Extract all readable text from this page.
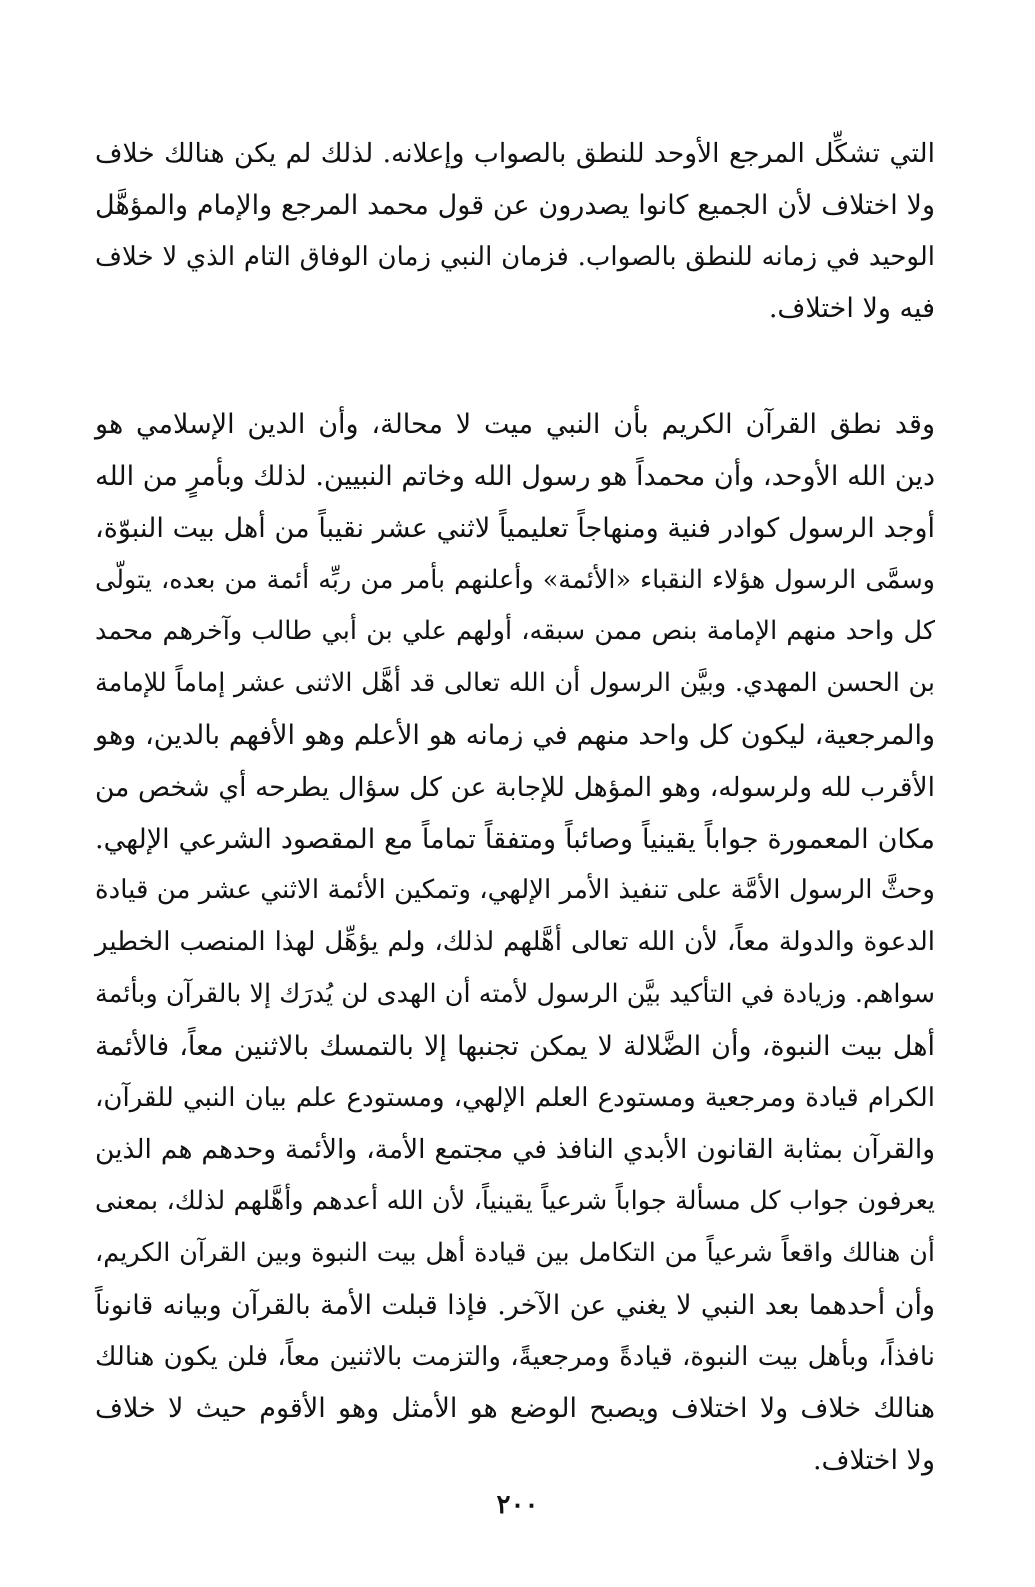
التي تشكِّل المرجع الأوحد للنطق بالصواب وإعلانه. لذلك لم يكن هنالك خلاف
ولا اختلاف لأن الجميع كانوا يصدرون عن قول محمد المرجع والإمام والمؤهَّل
الوحيد في زمانه للنطق بالصواب. فزمان النبي زمان الوفاق التام الذي لا خلاف
فيه ولا اختلاف.

وقد نطق القرآن الكريم بأن النبي ميت لا محالة، وأن الدين الإسلامي هو
دين الله الأوحد، وأن محمداً هو رسول الله وخاتم النبيين. لذلك وبأمرٍ من الله
أوجد الرسول كوادر فنية ومنهاجاً تعليمياً لاثني عشر نقيباً من أهل بيت النبوّة،
وسمَّى الرسول هؤلاء النقباء «الأئمة» وأعلنهم بأمر من ربِّه أئمة من بعده، يتولّى
كل واحد منهم الإمامة بنص ممن سبقه، أولهم علي بن أبي طالب وآخرهم محمد
بن الحسن المهدي. وبيَّن الرسول أن الله تعالى قد أهَّل الاثنى عشر إماماً للإمامة
والمرجعية، ليكون كل واحد منهم في زمانه هو الأعلم وهو الأفهم بالدين، وهو
الأقرب لله ولرسوله، وهو المؤهل للإجابة عن كل سؤال يطرحه أي شخص من
مكان المعمورة جواباً يقينياً وصائباً ومتفقاً تماماً مع المقصود الشرعي الإلهي.
وحثَّ الرسول الأمَّة على تنفيذ الأمر الإلهي، وتمكين الأئمة الاثني عشر من قيادة
الدعوة والدولة معاً، لأن الله تعالى أهَّلهم لذلك، ولم يؤهِّل لهذا المنصب الخطير
سواهم. وزيادة في التأكيد بيَّن الرسول لأمته أن الهدى لن يُدرَك إلا بالقرآن وبأئمة
أهل بيت النبوة، وأن الضَّلالة لا يمكن تجنبها إلا بالتمسك بالاثنين معاً، فالأئمة
الكرام قيادة ومرجعية ومستودع العلم الإلهي، ومستودع علم بيان النبي للقرآن،
والقرآن بمثابة القانون الأبدي النافذ في مجتمع الأمة، والأئمة وحدهم هم الذين
يعرفون جواب كل مسألة جواباً شرعياً يقينياً، لأن الله أعدهم وأهَّلهم لذلك، بمعنى
أن هنالك واقعاً شرعياً من التكامل بين قيادة أهل بيت النبوة وبين القرآن الكريم،
وأن أحدهما بعد النبي لا يغني عن الآخر. فإذا قبلت الأمة بالقرآن وبيانه قانوناً
نافذاً، وبأهل بيت النبوة، قيادةً ومرجعيةً، والتزمت بالاثنين معاً، فلن يكون هنالك
هنالك خلاف ولا اختلاف ويصبح الوضع هو الأمثل وهو الأقوم حيث لا خلاف
ولا اختلاف.

٢٠٠
